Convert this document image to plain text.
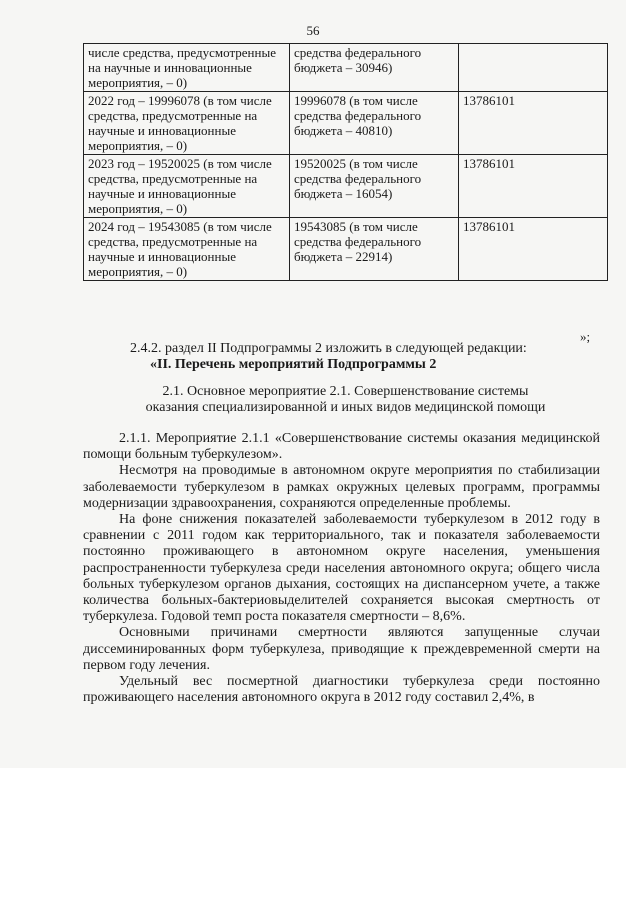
56
числе средства, предусмотренные на научные и инновационные мероприятия, – 0)	средства федерального бюджета – 30946)	
2022 год – 19996078 (в том числе средства, предусмотренные на научные и инновационные мероприятия, – 0)	19996078 (в том числе средства федерального бюджета – 40810)	13786101
2023 год – 19520025 (в том числе средства, предусмотренные на научные и инновационные мероприятия, – 0)	19520025 (в том числе средства федерального бюджета – 16054)	13786101
2024 год – 19543085 (в том числе средства, предусмотренные на научные и инновационные мероприятия, – 0)	19543085 (в том числе средства федерального бюджета – 22914)	13786101
»;
2.4.2. раздел II Подпрограммы 2 изложить в следующей редакции:
«II. Перечень мероприятий Подпрограммы 2
2.1. Основное мероприятие 2.1. Совершенствование системы
оказания специализированной и иных видов медицинской помощи

2.1.1. Мероприятие 2.1.1 «Совершенствование системы оказания медицинской помощи больным туберкулезом».

Несмотря на проводимые в автономном округе мероприятия по стабилизации заболеваемости туберкулезом в рамках окружных целевых программ, программы модернизации здравоохранения, сохраняются определенные проблемы.

На фоне снижения показателей заболеваемости туберкулезом в 2012 году в сравнении с 2011 годом как территориального, так и показателя заболеваемости постоянно проживающего в автономном округе населения, уменьшения распространенности туберкулеза среди населения автономного округа; общего числа больных туберкулезом органов дыхания, состоящих на диспансерном учете, а также количества больных-бактериовыделителей сохраняется высокая смертность от туберкулеза. Годовой темп роста показателя смертности – 8,6%.

Основными причинами смертности являются запущенные случаи диссеминированных форм туберкулеза, приводящие к преждевременной смерти на первом году лечения.

Удельный вес посмертной диагностики туберкулеза среди постоянно проживающего населения автономного округа в 2012 году составил 2,4%, в
